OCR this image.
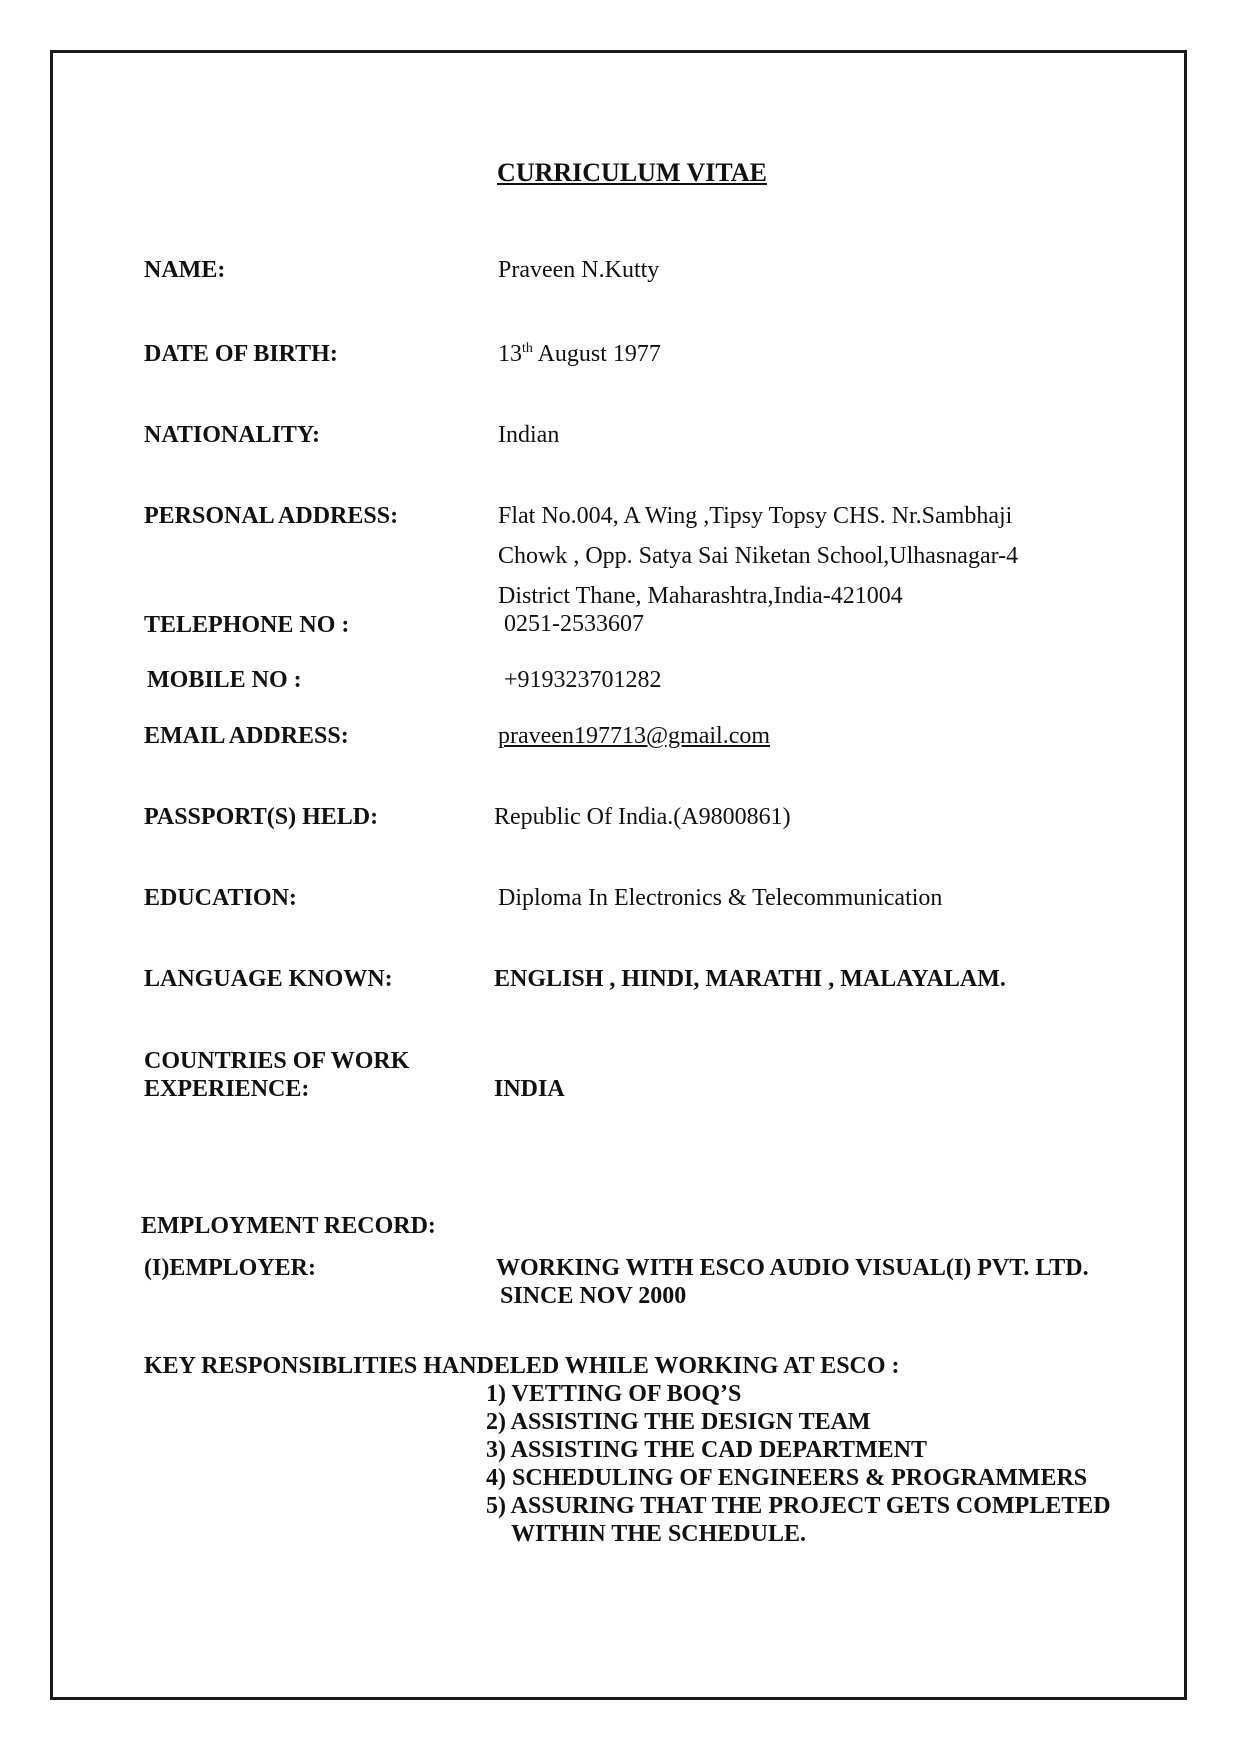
CURRICULUM VITAE
NAME:	Praveen N.Kutty
DATE OF BIRTH:	13th August 1977
NATIONALITY:	Indian
PERSONAL ADDRESS:	Flat No.004, A Wing ,Tipsy Topsy CHS. Nr.Sambhaji
Chowk , Opp. Satya Sai Niketan School,Ulhasnagar-4
District Thane, Maharashtra,India-421004
TELEPHONE NO :	0251-2533607
MOBILE NO :	+919323701282
EMAIL ADDRESS:	praveen197713@gmail.com
PASSPORT(S) HELD:	Republic Of India.(A9800861)
EDUCATION:	Diploma In Electronics & Telecommunication
LANGUAGE KNOWN:	ENGLISH , HINDI, MARATHI , MALAYALAM.
COUNTRIES OF WORK
EXPERIENCE:	INDIA
EMPLOYMENT RECORD:
(I)EMPLOYER:	WORKING WITH ESCO AUDIO VISUAL(I) PVT. LTD.
SINCE NOV 2000
KEY RESPONSIBLITIES HANDELED WHILE WORKING AT ESCO :
1) VETTING OF BOQ’S
2) ASSISTING THE DESIGN TEAM
3) ASSISTING THE CAD DEPARTMENT
4) SCHEDULING OF ENGINEERS & PROGRAMMERS
5) ASSURING THAT THE PROJECT GETS COMPLETED
WITHIN THE SCHEDULE.
